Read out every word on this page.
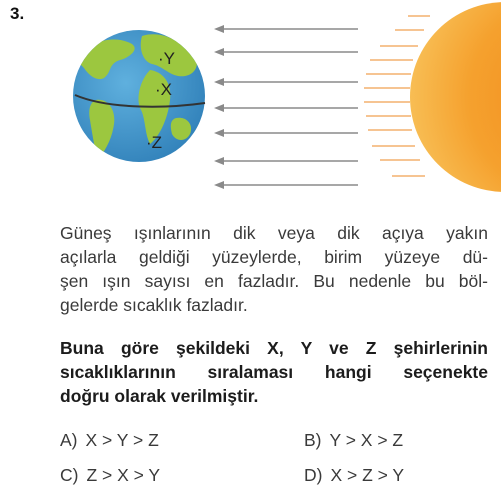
3.
·Y
·X
·Z
Güneş ışınlarının dik veya dik açıya yakın
açılarla geldiği yüzeylerde, birim yüzeye dü-
şen ışın sayısı en fazladır. Bu nedenle bu böl-
gelerde sıcaklık fazladır.
Buna göre şekildeki X, Y ve Z şehirlerinin
sıcaklıklarının sıralaması hangi seçenekte
doğru olarak verilmiştir.
A) X > Y > Z	B) Y > X > Z
C) Z > X > Y	D) X > Z > Y
